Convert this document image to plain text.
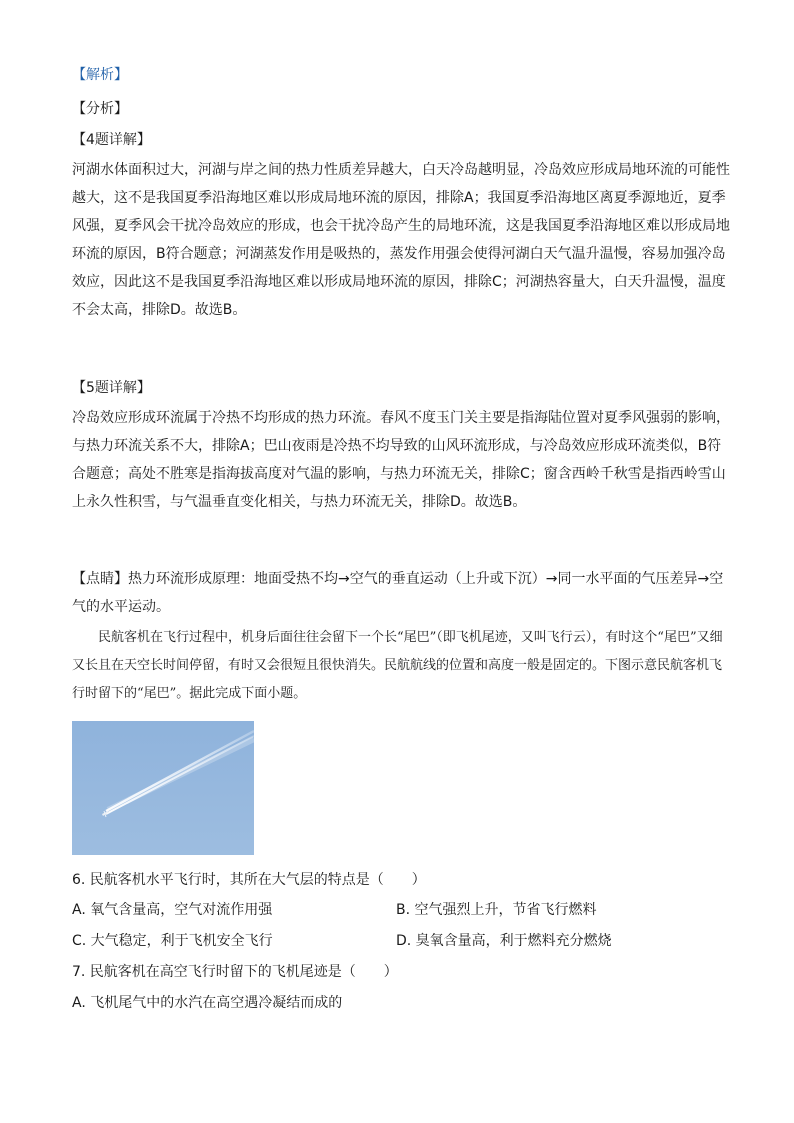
【解析】
【分析】
【4题详解】
河湖水体面积过大，河湖与岸之间的热力性质差异越大，白天冷岛越明显，冷岛效应形成局地环流的可能性越大，这不是我国夏季沿海地区难以形成局地环流的原因，排除A；我国夏季沿海地区离夏季源地近，夏季风强，夏季风会干扰冷岛效应的形成，也会干扰冷岛产生的局地环流，这是我国夏季沿海地区难以形成局地环流的原因，B符合题意；河湖蒸发作用是吸热的，蒸发作用强会使得河湖白天气温升温慢，容易加强冷岛效应，因此这不是我国夏季沿海地区难以形成局地环流的原因，排除C；河湖热容量大，白天升温慢，温度不会太高，排除D。故选B。
【5题详解】
冷岛效应形成环流属于冷热不均形成的热力环流。春风不度玉门关主要是指海陆位置对夏季风强弱的影响，与热力环流关系不大，排除A；巴山夜雨是冷热不均导致的山风环流形成，与冷岛效应形成环流类似，B符合题意；高处不胜寒是指海拔高度对气温的影响，与热力环流无关，排除C；窗含西岭千秋雪是指西岭雪山上永久性积雪，与气温垂直变化相关，与热力环流无关，排除D。故选B。
【点睛】热力环流形成原理：地面受热不均→空气的垂直运动（上升或下沉）→同一水平面的气压差异→空气的水平运动。
民航客机在飞行过程中，机身后面往往会留下一个长“尾巴”（即飞机尾迹，又叫飞行云），有时这个“尾巴”又细又长且在天空长时间停留，有时又会很短且很快消失。民航航线的位置和高度一般是固定的。下图示意民航客机飞行时留下的“尾巴”。据此完成下面小题。
6. 民航客机水平飞行时，其所在大气层的特点是（　　）
A. 氧气含量高，空气对流作用强	B. 空气强烈上升，节省飞行燃料
C. 大气稳定，利于飞机安全飞行	D. 臭氧含量高，利于燃料充分燃烧
7. 民航客机在高空飞行时留下的飞机尾迹是（　　）
A. 飞机尾气中的水汽在高空遇冷凝结而成的
